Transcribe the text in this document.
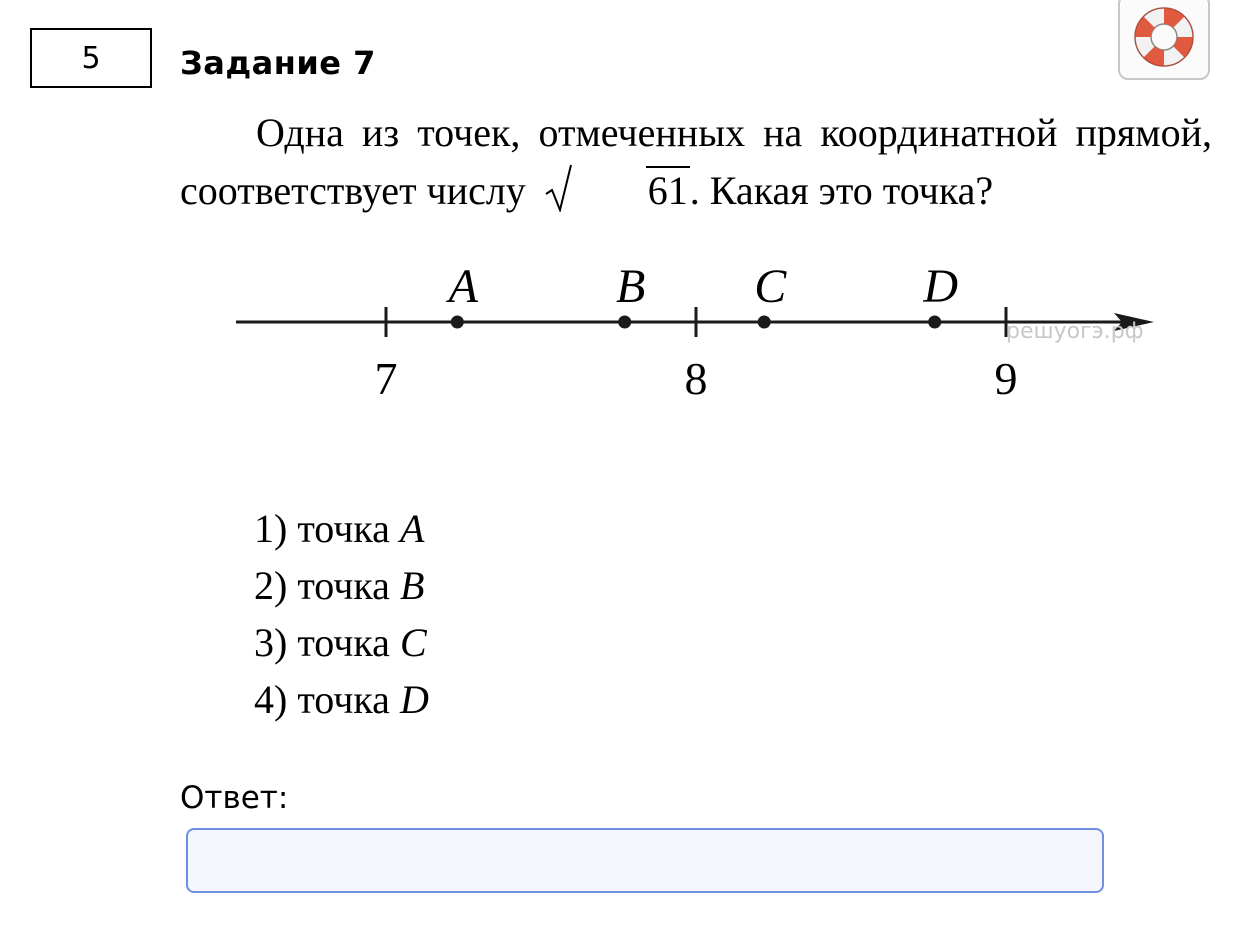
5 Задание 7
Одна из точек, отмеченных на координатной прямой, соответствует числу	61. Какая это точка?
решуогэ.рф
7	8	9
A	B C	D
1) точка A
2) точка B
3) точка C
4) точка D
Ответ:
